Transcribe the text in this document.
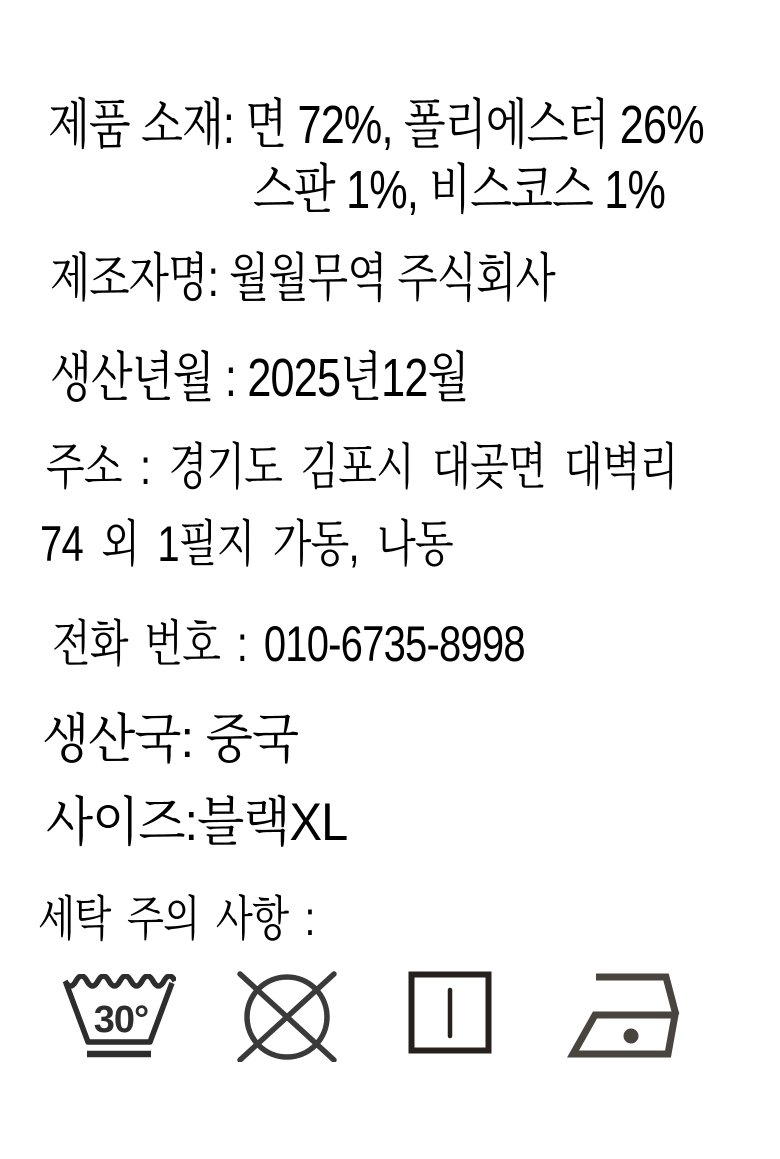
제품 소재: 면 72%, 폴리에스터 26%
스판 1%, 비스코스 1%
제조자명: 월월무역 주식회사
생산년월 : 2025년12월
주소 : 경기도 김포시 대곶면 대벽리
74 외 1필지 가동, 나동
전화 번호 : 010-6735-8998
생산국: 중국
사이즈:블랙XL
세탁 주의 사항 :
30°
